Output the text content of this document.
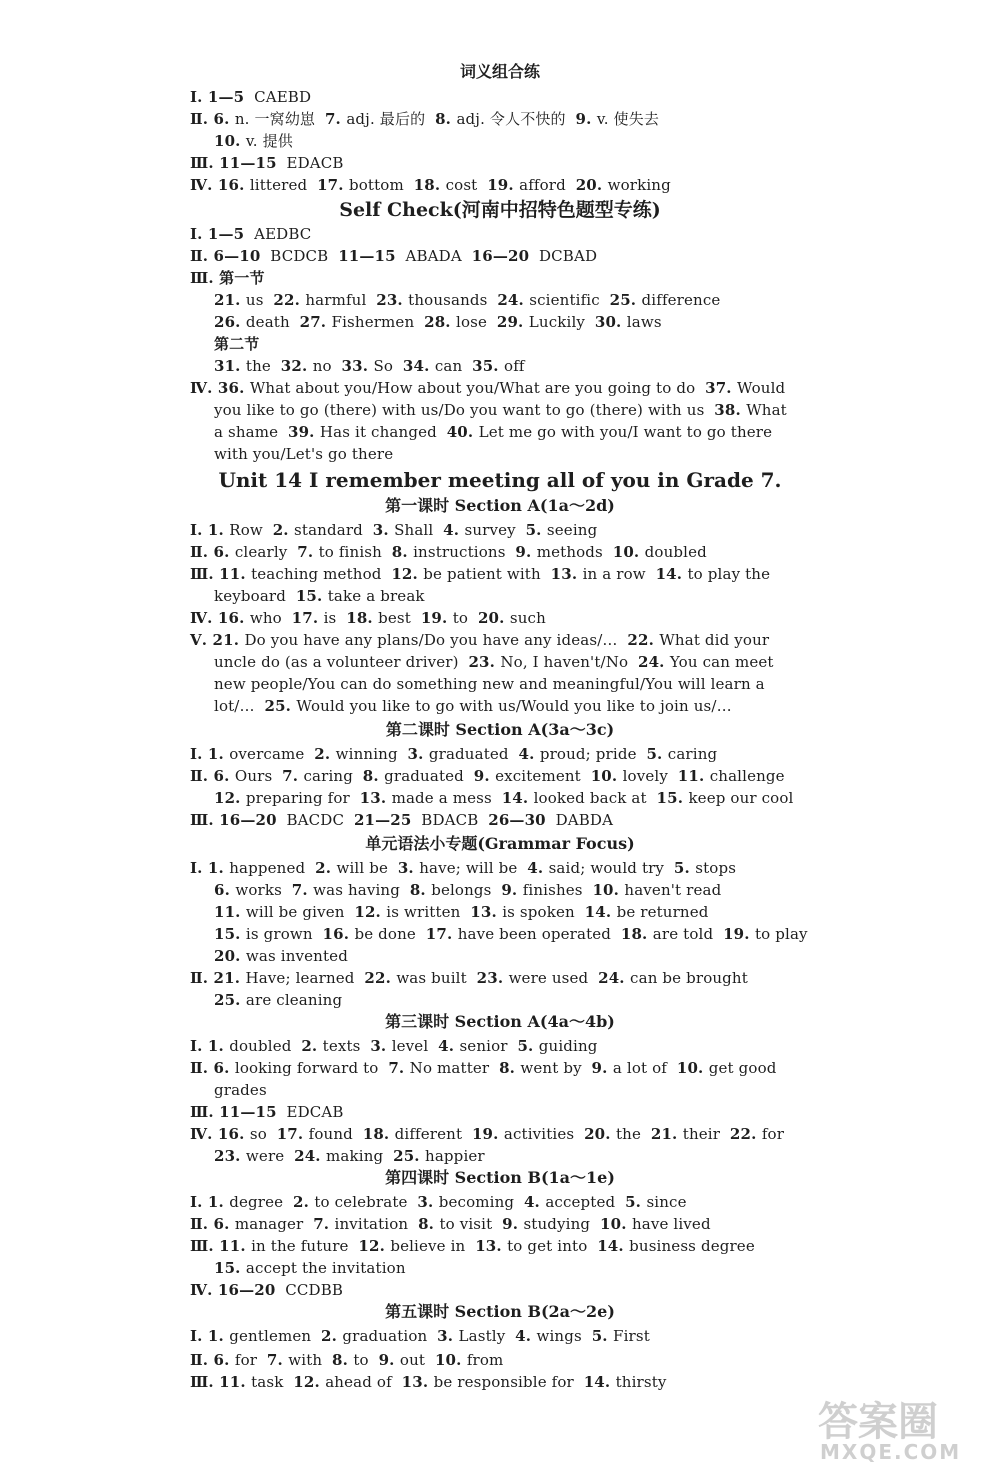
词义组合练
Ⅰ. 1—5  CAEBD
Ⅱ. 6. n. 一窝幼崽  7. adj. 最后的  8. adj. 令人不快的  9. v. 使失去
10. v. 提供
Ⅲ. 11—15  EDACB
Ⅳ. 16. littered  17. bottom  18. cost  19. afford  20. working
Self Check(河南中招特色题型专练)
Ⅰ. 1—5  AEDBC
Ⅱ. 6—10  BCDCB  11—15  ABADA  16—20  DCBAD
Ⅲ. 第一节
21. us  22. harmful  23. thousands  24. scientific  25. difference
26. death  27. Fishermen  28. lose  29. Luckily  30. laws
第二节
31. the  32. no  33. So  34. can  35. off
Ⅳ. 36. What about you/How about you/What are you going to do  37. Would
you like to go (there) with us/Do you want to go (there) with us  38. What
a shame  39. Has it changed  40. Let me go with you/I want to go there
with you/Let's go there
Unit 14 I remember meeting all of you in Grade 7.
第一课时 Section A(1a～2d)
Ⅰ. 1. Row  2. standard  3. Shall  4. survey  5. seeing
Ⅱ. 6. clearly  7. to finish  8. instructions  9. methods  10. doubled
Ⅲ. 11. teaching method  12. be patient with  13. in a row  14. to play the
keyboard  15. take a break
Ⅳ. 16. who  17. is  18. best  19. to  20. such
Ⅴ. 21. Do you have any plans/Do you have any ideas/…  22. What did your
uncle do (as a volunteer driver)  23. No, I haven't/No  24. You can meet
new people/You can do something new and meaningful/You will learn a
lot/…  25. Would you like to go with us/Would you like to join us/…
第二课时 Section A(3a～3c)
Ⅰ. 1. overcame  2. winning  3. graduated  4. proud; pride  5. caring
Ⅱ. 6. Ours  7. caring  8. graduated  9. excitement  10. lovely  11. challenge
12. preparing for  13. made a mess  14. looked back at  15. keep our cool
Ⅲ. 16—20  BACDC  21—25  BDACB  26—30  DABDA
单元语法小专题(Grammar Focus)
Ⅰ. 1. happened  2. will be  3. have; will be  4. said; would try  5. stops
6. works  7. was having  8. belongs  9. finishes  10. haven't read
11. will be given  12. is written  13. is spoken  14. be returned
15. is grown  16. be done  17. have been operated  18. are told  19. to play
20. was invented
Ⅱ. 21. Have; learned  22. was built  23. were used  24. can be brought
25. are cleaning
第三课时 Section A(4a～4b)
Ⅰ. 1. doubled  2. texts  3. level  4. senior  5. guiding
Ⅱ. 6. looking forward to  7. No matter  8. went by  9. a lot of  10. get good
grades
Ⅲ. 11—15  EDCAB
Ⅳ. 16. so  17. found  18. different  19. activities  20. the  21. their  22. for
23. were  24. making  25. happier
第四课时 Section B(1a～1e)
Ⅰ. 1. degree  2. to celebrate  3. becoming  4. accepted  5. since
Ⅱ. 6. manager  7. invitation  8. to visit  9. studying  10. have lived
Ⅲ. 11. in the future  12. believe in  13. to get into  14. business degree
15. accept the invitation
Ⅳ. 16—20  CCDBB
第五课时 Section B(2a～2e)
Ⅰ. 1. gentlemen  2. graduation  3. Lastly  4. wings  5. First
Ⅱ. 6. for  7. with  8. to  9. out  10. from
Ⅲ. 11. task  12. ahead of  13. be responsible for  14. thirsty
答案圈
MXQE.COM
